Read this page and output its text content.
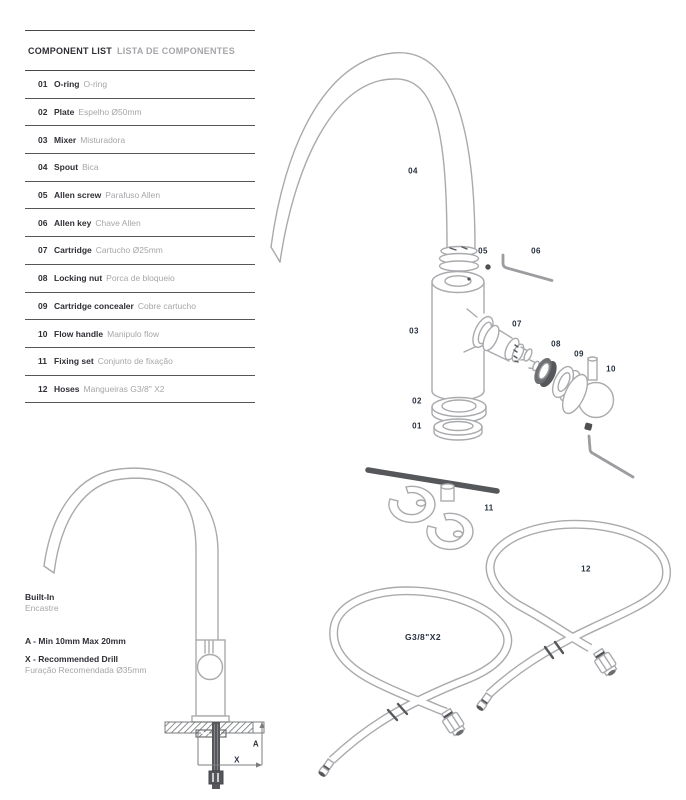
COMPONENT LIST LISTA DE COMPONENTES
01 O-ring O-ring
02 Plate Espelho Ø50mm
03 Mixer Misturadora
04 Spout Bica
05 Allen screw Parafuso Allen
06 Allen key Chave Allen
07 Cartridge Cartucho Ø25mm
08 Locking nut Porca de bloqueio
09 Cartridge concealer Cobre cartucho
10 Flow handle Manipulo flow
11 Fixing set Conjunto de fixação
12 Hoses Mangueiras G3/8" X2
04
05	06
03
07
08
09
10
02
01
11
12
G3/8"X2
A
X
Built-In
Encastre
A - Min 10mm Max 20mm
X - Recommended Drill
Furação Recomendada Ø35mm
